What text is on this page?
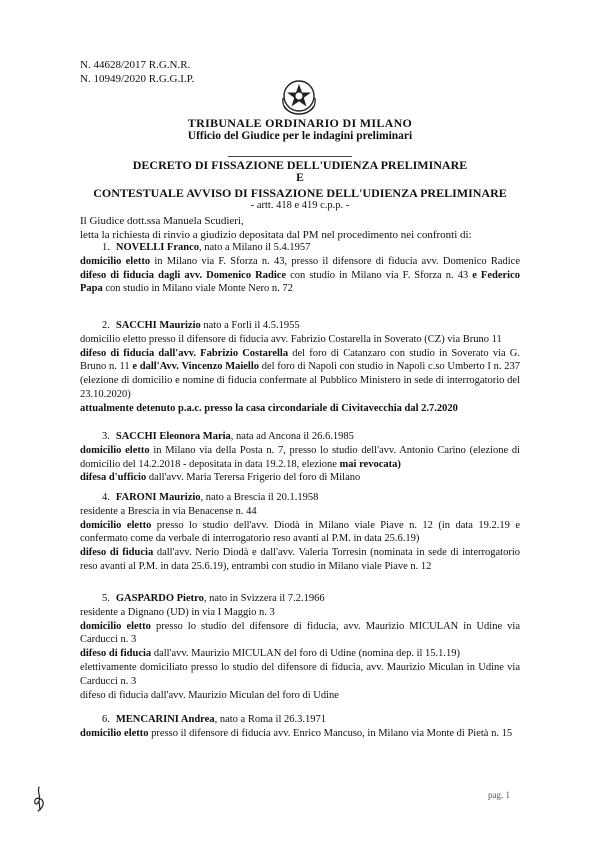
N. 44628/2017 R.G.N.R.
N. 10949/2020 R.G.G.I.P.
TRIBUNALE ORDINARIO DI MILANO
Ufficio del Giudice per le indagini preliminari
DECRETO DI FISSAZIONE DELL'UDIENZA PRELIMINARE
E
CONTESTUALE AVVISO DI FISSAZIONE DELL'UDIENZA PRELIMINARE
- artt. 418 e 419 c.p.p. -
Il Giudice dott.ssa Manuela Scudieri,
letta la richiesta di rinvio a giudizio depositata dal PM nel procedimento nei confronti di:

1. NOVELLI Franco, nato a Milano il 5.4.1957

domicilio eletto in Milano via F. Sforza n. 43, presso il difensore di fiducia avv. Domenico Radice difeso di fiducia dagli avv. Domenico Radice con studio in Milano via F. Sforza n. 43 e Federico Papa con studio in Milano viale Monte Nero n. 72

2. SACCHI Maurizio nato a Forlì il 4.5.1955

domicilio eletto presso il difensore di fiducia avv. Fabrizio Costarella in Soverato (CZ) via Bruno 11

difeso di fiducia dall'avv. Fabrizio Costarella del foro di Catanzaro con studio in Soverato via G. Bruno n. 11 e dall'Avv. Vincenzo Maiello del foro di Napoli con studio in Napoli c.so Umberto I n. 237 (elezione di domicilio e nomine di fiducia confermate al Pubblico Ministero in sede di interrogatorio del 23.10.2020)

attualmente detenuto p.a.c. presso la casa circondariale di Civitavecchia dal 2.7.2020

3. SACCHI Eleonora Maria, nata ad Ancona il 26.6.1985

domicilio eletto in Milano via della Posta n. 7, presso lo studio dell'avv. Antonio Carino (elezione di domicilio del 14.2.2018 - depositata in data 19.2.18, elezione mai revocata)

difesa d'ufficio dall'avv. Maria Terersa Frigerio del foro di Milano

4. FARONI Maurizio, nato a Brescia il 20.1.1958

residente a Brescia in via Benacense n. 44

domicilio eletto presso lo studio dell'avv. Diodà in Milano viale Piave n. 12 (in data 19.2.19 e confermato come da verbale di interrogatorio reso avanti al P.M. in data 25.6.19)

difeso di fiducia dall'avv. Nerio Diodà e dall'avv. Valeria Torresin (nominata in sede di interrogatorio reso avanti al P.M. in data 25.6.19), entrambi con studio in Milano viale Piave n. 12

5. GASPARDO Pietro, nato in Svizzera il 7.2.1966

residente a Dignano (UD) in via I Maggio n. 3

domicilio eletto presso lo studio del difensore di fiducia, avv. Maurizio MICULAN in Udine via Carducci n. 3

difeso di fiducia dall'avv. Maurizio MICULAN del foro di Udine (nomina dep. il 15.1.19)

elettivamente domiciliato presso lo studio del difensore di fiducia, avv. Maurizio Miculan in Udine via Carducci n. 3

difeso di fiducia dall'avv. Maurizio Miculan del foro di Udine

6. MENCARINI Andrea, nato a Roma il 26.3.1971

domicilio eletto presso il difensore di fiducia avv. Enrico Mancuso, in Milano via Monte di Pietà n. 15

pag. 1
